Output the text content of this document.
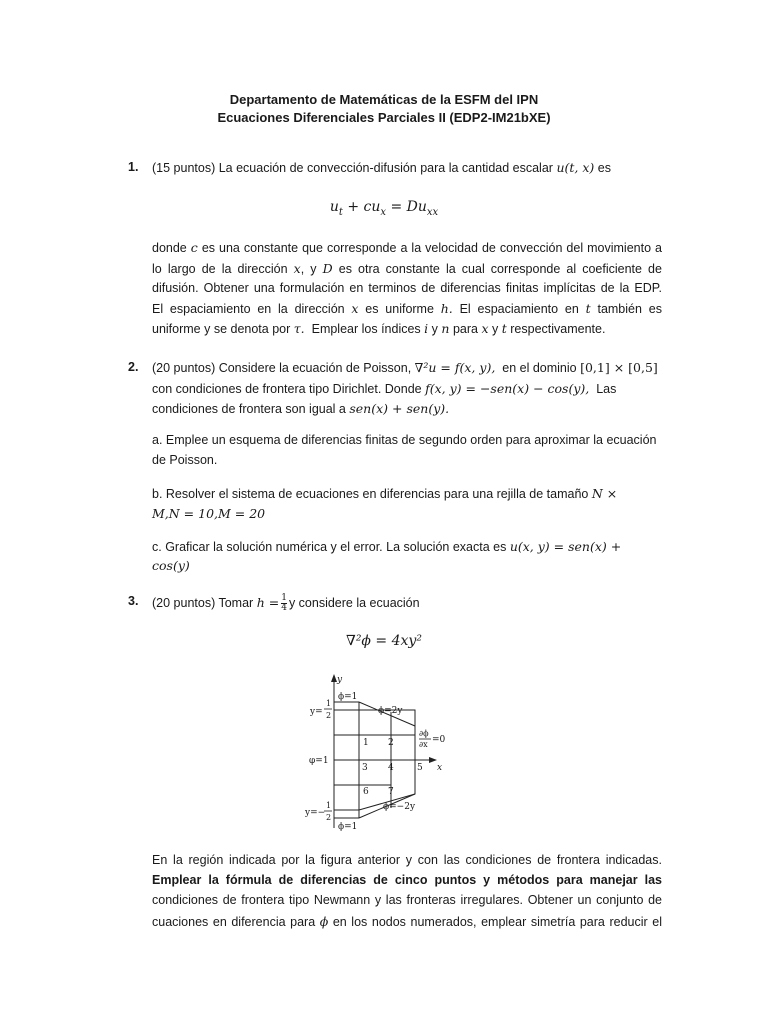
Departamento de Matemáticas de la ESFM del IPN
Ecuaciones Diferenciales Parciales II (EDP2-IM21bXE)
1. (15 puntos) La ecuación de convección-difusión para la cantidad escalar u(t, x) es
$u_t + cu_x = Du_{xx}$
donde c es una constante que corresponde a la velocidad de convección del movimiento a
lo largo de la dirección x, y D es otra constante la cual corresponde al coeficiente de
difusión. Obtener una formulación en terminos de diferencias finitas implícitas de la EDP.
El espaciamiento en la dirección x es uniforme h. El espaciamiento en t también es
uniforme y se denota por τ. Emplear los índices i y n para x y t respectivamente.
2. (20 puntos) Considere la ecuación de Poisson, ∇²u = f(x, y), en el dominio [0,1] × [0,5]
con condiciones de frontera tipo Dirichlet. Donde f(x, y) = −sen(x) − cos(y), Las
condiciones de frontera son igual a sen(x) + sen(y).
a. Emplee un esquema de diferencias finitas de segundo orden para aproximar la ecuación
de Poisson.
b. Resolver el sistema de ecuaciones en diferencias para una rejilla de tamaño N ×
M,N = 10,M = 20
c. Graficar la solución numérica y el error. La solución exacta es u(x, y) = sen(x) +
cos(y)
3. (20 puntos) Tomar $h = \frac{1}{4}$ y considere la ecuación
∇²ϕ = 4xy²
y
x
y=
1
2
y=−
1
2
ϕ=1
ϕ=1
φ=1
ϕ=2y
ϕ=−2y
∂ϕ
∂x =0
1 2
3 4	5
6 7
En la región indicada por la figura anterior y con las condiciones de frontera indicadas.
Emplear la fórmula de diferencias de cinco puntos y métodos para manejar las
condiciones de frontera tipo Newmann y las fronteras irregulares. Obtener un conjunto de
cuaciones en diferencia para ϕ en los nodos numerados, emplear simetría para reducir el
